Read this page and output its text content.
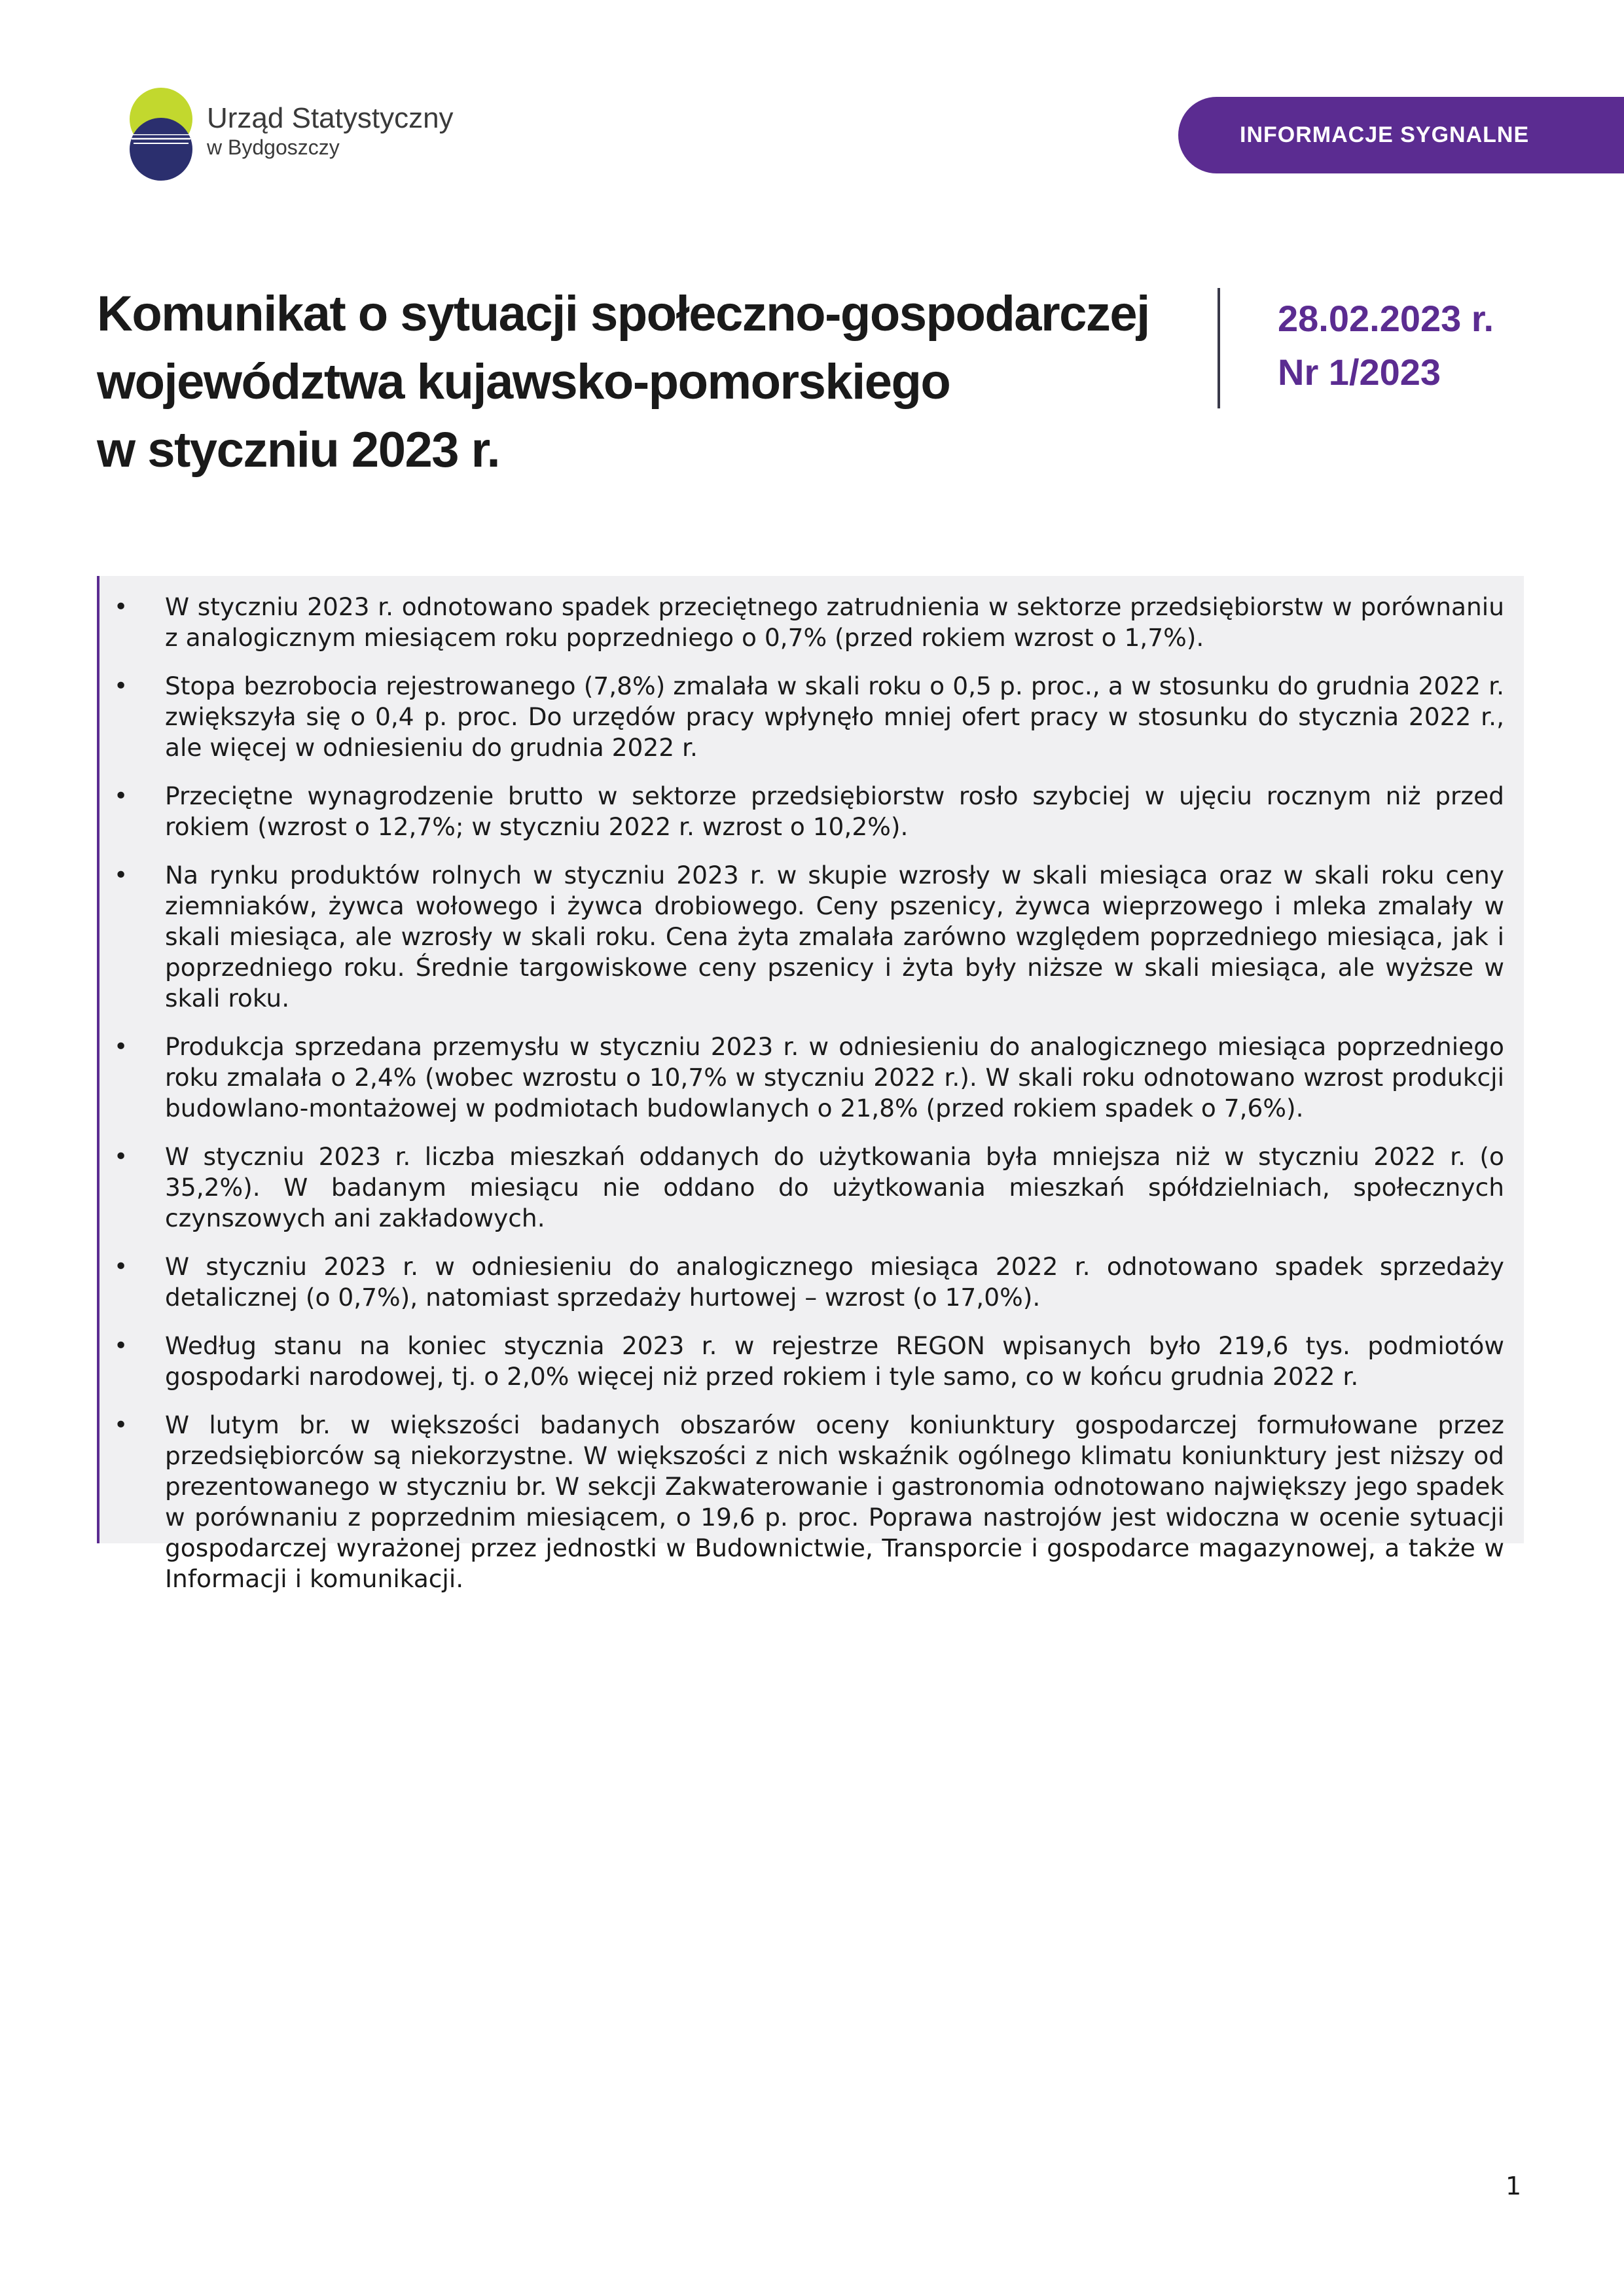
Urząd Statystyczny
w Bydgoszczy
INFORMACJE SYGNALNE
Komunikat o sytuacji społeczno-gospodarczej
województwa kujawsko-pomorskiego
w styczniu 2023 r.
28.02.2023 r.
Nr 1/2023
• W styczniu 2023 r. odnotowano spadek przeciętnego zatrudnienia w sektorze przedsiębiorstw w porównaniu z analogicznym miesiącem roku poprzedniego o 0,7% (przed rokiem wzrost o 1,7%).
• Stopa bezrobocia rejestrowanego (7,8%) zmalała w skali roku o 0,5 p. proc., a w stosunku do grudnia 2022 r. zwiększyła się o 0,4 p. proc. Do urzędów pracy wpłynęło mniej ofert pracy w stosunku do stycznia 2022 r., ale więcej w odniesieniu do grudnia 2022 r.
• Przeciętne wynagrodzenie brutto w sektorze przedsiębiorstw rosło szybciej w ujęciu rocznym niż przed rokiem (wzrost o 12,7%; w styczniu 2022 r. wzrost o 10,2%).
• Na rynku produktów rolnych w styczniu 2023 r. w skupie wzrosły w skali miesiąca oraz w skali roku ceny ziemniaków, żywca wołowego i żywca drobiowego. Ceny pszenicy, żywca wieprzowego i mleka zmalały w skali miesiąca, ale wzrosły w skali roku. Cena żyta zmalała zarówno względem poprzedniego miesiąca, jak i poprzedniego roku. Średnie targowiskowe ceny pszenicy i żyta były niższe w skali miesiąca, ale wyższe w skali roku.
• Produkcja sprzedana przemysłu w styczniu 2023 r. w odniesieniu do analogicznego miesiąca poprzedniego roku zmalała o 2,4% (wobec wzrostu o 10,7% w styczniu 2022 r.). W skali roku odnotowano wzrost produkcji budowlano-montażowej w podmiotach budowlanych o 21,8% (przed rokiem spadek o 7,6%).
• W styczniu 2023 r. liczba mieszkań oddanych do użytkowania była mniejsza niż w styczniu 2022 r. (o 35,2%). W badanym miesiącu nie oddano do użytkowania mieszkań spółdzielniach, społecznych czynszowych ani zakładowych.
• W styczniu 2023 r. w odniesieniu do analogicznego miesiąca 2022 r. odnotowano spadek sprzedaży detalicznej (o 0,7%), natomiast sprzedaży hurtowej – wzrost (o 17,0%).
• Według stanu na koniec stycznia 2023 r. w rejestrze REGON wpisanych było 219,6 tys. podmiotów gospodarki narodowej, tj. o 2,0% więcej niż przed rokiem i tyle samo, co w końcu grudnia 2022 r.
• W lutym br. w większości badanych obszarów oceny koniunktury gospodarczej formułowane przez przedsiębiorców są niekorzystne. W większości z nich wskaźnik ogólnego klimatu koniunktury jest niższy od prezentowanego w styczniu br. W sekcji Zakwaterowanie i gastronomia odnotowano największy jego spadek w porównaniu z poprzednim miesiącem, o 19,6 p. proc. Poprawa nastrojów jest widoczna w ocenie sytuacji gospodarczej wyrażonej przez jednostki w Budownictwie, Transporcie i gospodarce magazynowej, a także w Informacji i komunikacji.
1
